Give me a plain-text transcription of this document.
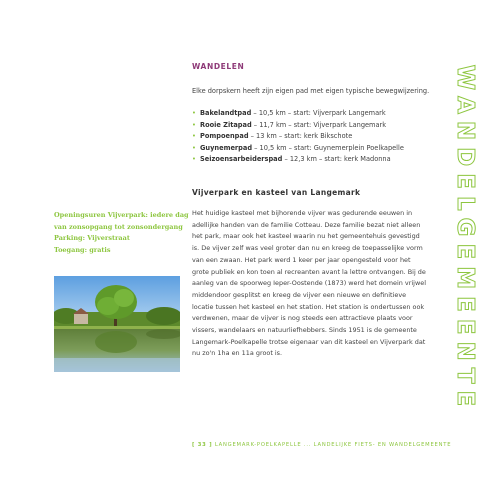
WANDELGEMEENTE
WANDELEN
Elke dorpskern heeft zijn eigen pad met eigen typische bewegwijzering.
• Bakelandtpad – 10,5 km – start: Vijverpark Langemark
• Rooie Zitapad – 11,7 km – start: Vijverpark Langemark
• Pompoenpad – 13 km – start: kerk Bikschote
• Guynemerpad – 10,5 km – start: Guynemerplein Poelkapelle
• Seizoensarbeiderspad – 12,3 km – start: kerk Madonna
Vijverpark en kasteel van Langemark
Het huidige kasteel met bijhorende vijver was gedurende eeuwen in
adellijke handen van de familie Cotteau. Deze familie bezat niet alleen
het park, maar ook het kasteel waarin nu het gemeentehuis gevestigd
is. De vijver zelf was veel groter dan nu en kreeg de toepasselijke vorm
van een zwaan. Het park werd 1 keer per jaar opengesteld voor het
grote publiek en kon toen al recreanten avant la lettre ontvangen. Bij de
aanleg van de spoorweg Ieper-Oostende (1873) werd het domein vrijwel
middendoor gesplitst en kreeg de vijver een nieuwe en definitieve
locatie tussen het kasteel en het station. Het station is ondertussen ook
verdwenen, maar de vijver is nog steeds een attractieve plaats voor
vissers, wandelaars en natuurliefhebbers. Sinds 1951 is de gemeente
Langemark-Poelkapelle trotse eigenaar van dit kasteel en Vijverpark dat
nu zo'n 1ha en 11a groot is.
Openingsuren Vijverpark: iedere dag
van zonsopgang tot zonsondergang
Parking: Vijverstraat
Toegang: gratis
[ 33 ] LANGEMARK-POELKAPELLE ... LANDELIJKE FIETS- EN WANDELGEMEENTE
